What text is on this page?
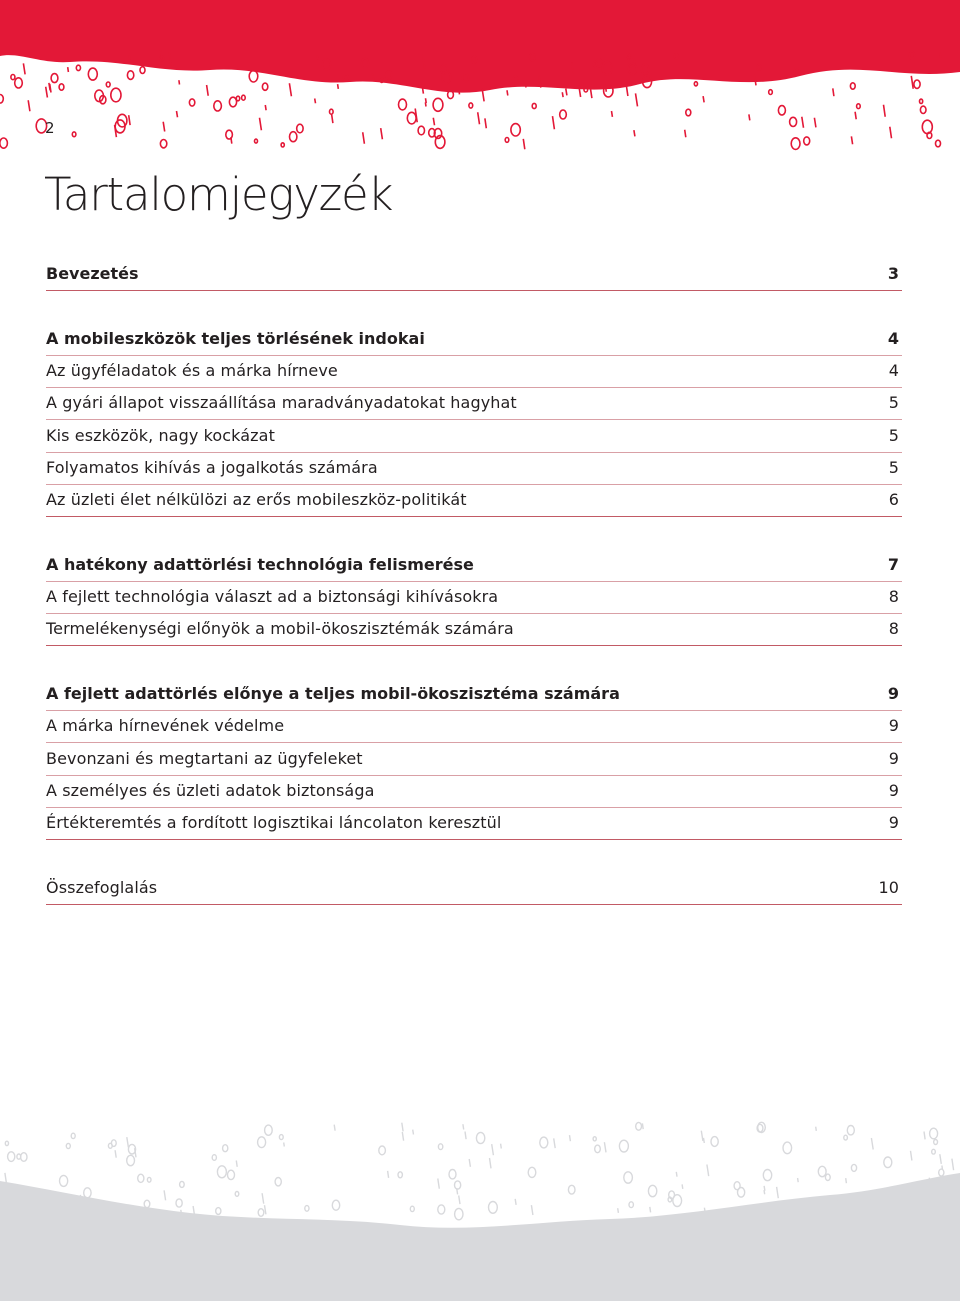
2
Tartalomjegyzék
Bevezetés	3
A mobileszközök teljes törlésének indokai	4
Az ügyféladatok és a márka hírneve	4
A gyári állapot visszaállítása maradványadatokat hagyhat	5
Kis eszközök, nagy kockázat	5
Folyamatos kihívás a jogalkotás számára	5
Az üzleti élet nélkülözi az erős mobileszköz-politikát	6
A hatékony adattörlési technológia felismerése	7
A fejlett technológia választ ad a biztonsági kihívásokra	8
Termelékenységi előnyök a mobil-ökoszisztémák számára	8
A fejlett adattörlés előnye a teljes mobil-ökoszisztéma számára	9
A márka hírnevének védelme	9
Bevonzani és megtartani az ügyfeleket	9
A személyes és üzleti adatok biztonsága	9
Értékteremtés a fordított logisztikai láncolaton keresztül	9
Összefoglalás	10
